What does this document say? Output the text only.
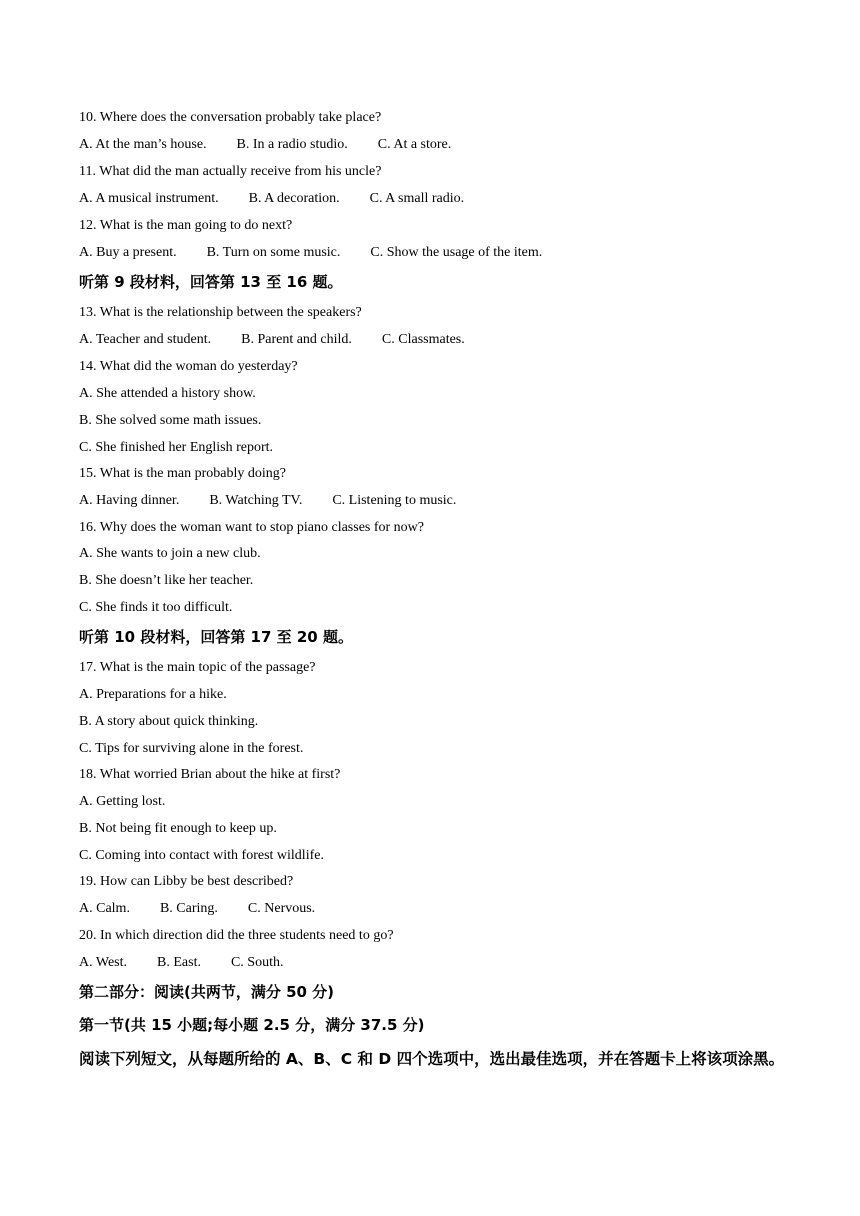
10. Where does the conversation probably take place?
A. At the man’s house. B. In a radio studio. C. At a store.
11. What did the man actually receive from his uncle?
A. A musical instrument. B. A decoration. C. A small radio.
12. What is the man going to do next?
A. Buy a present. B. Turn on some music. C. Show the usage of the item.
听第 9 段材料，回答第 13 至 16 题。
13. What is the relationship between the speakers?
A. Teacher and student. B. Parent and child. C. Classmates.
14. What did the woman do yesterday?
A. She attended a history show.
B. She solved some math issues.
C. She finished her English report.
15. What is the man probably doing?
A. Having dinner. B. Watching TV. C. Listening to music.
16. Why does the woman want to stop piano classes for now?
A. She wants to join a new club.
B. She doesn’t like her teacher.
C. She finds it too difficult.
听第 10 段材料，回答第 17 至 20 题。
17. What is the main topic of the passage?
A. Preparations for a hike.
B. A story about quick thinking.
C. Tips for surviving alone in the forest.
18. What worried Brian about the hike at first?
A. Getting lost.
B. Not being fit enough to keep up.
C. Coming into contact with forest wildlife.
19. How can Libby be best described?
A. Calm. B. Caring. C. Nervous.
20. In which direction did the three students need to go?
A. West. B. East. C. South.
第二部分：阅读(共两节，满分 50 分)
第一节(共 15 小题;每小题 2.5 分，满分 37.5 分)
阅读下列短文，从每题所给的 A、B、C 和 D 四个选项中，选出最佳选项，并在答题卡上将该项涂黑。
